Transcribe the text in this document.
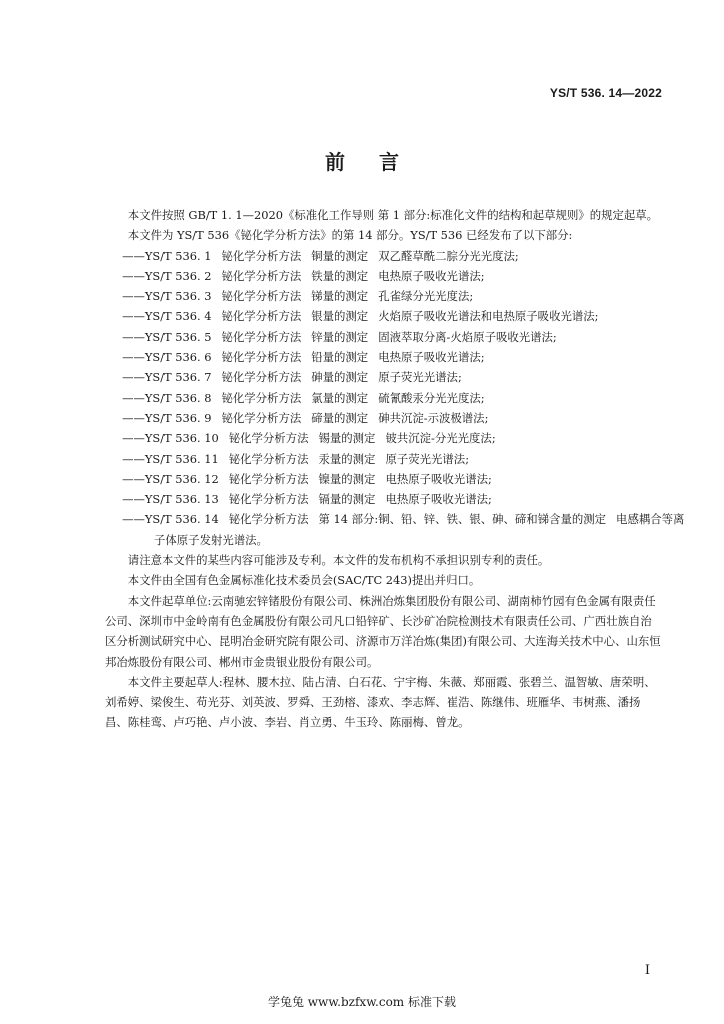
YS/T 536. 14—2022
前 言

本文件按照 GB/T 1. 1—2020《标准化工作导则 第 1 部分:标准化文件的结构和起草规则》的规定起草。

本文件为 YS/T 536《铋化学分析方法》的第 14 部分。YS/T 536 已经发布了以下部分:

——YS/T 536. 1 铋化学分析方法 铜量的测定 双乙醛草酰二腙分光光度法;

——YS/T 536. 2 铋化学分析方法 铁量的测定 电热原子吸收光谱法;

——YS/T 536. 3 铋化学分析方法 锑量的测定 孔雀绿分光光度法;

——YS/T 536. 4 铋化学分析方法 银量的测定 火焰原子吸收光谱法和电热原子吸收光谱法;

——YS/T 536. 5 铋化学分析方法 锌量的测定 固液萃取分离-火焰原子吸收光谱法;

——YS/T 536. 6 铋化学分析方法 铅量的测定 电热原子吸收光谱法;

——YS/T 536. 7 铋化学分析方法 砷量的测定 原子荧光光谱法;

——YS/T 536. 8 铋化学分析方法 氯量的测定 硫氰酸汞分光光度法;

——YS/T 536. 9 铋化学分析方法 碲量的测定 砷共沉淀-示波极谱法;

——YS/T 536. 10 铋化学分析方法 锡量的测定 铍共沉淀-分光光度法;

——YS/T 536. 11 铋化学分析方法 汞量的测定 原子荧光光谱法;

——YS/T 536. 12 铋化学分析方法 镍量的测定 电热原子吸收光谱法;

——YS/T 536. 13 铋化学分析方法 镉量的测定 电热原子吸收光谱法;

——YS/T 536. 14 铋化学分析方法 第 14 部分:铜、铅、锌、铁、银、砷、碲和锑含量的测定 电感耦合等离子体原子发射光谱法。

请注意本文件的某些内容可能涉及专利。本文件的发布机构不承担识别专利的责任。

本文件由全国有色金属标准化技术委员会(SAC/TC 243)提出并归口。

本文件起草单位:云南驰宏锌锗股份有限公司、株洲冶炼集团股份有限公司、湖南柿竹园有色金属有限责任公司、深圳市中金岭南有色金属股份有限公司凡口铅锌矿、长沙矿冶院检测技术有限责任公司、广西壮族自治区分析测试研究中心、昆明冶金研究院有限公司、济源市万洋冶炼(集团)有限公司、大连海关技术中心、山东恒邦冶炼股份有限公司、郴州市金贵银业股份有限公司。

本文件主要起草人:程林、腰木拉、陆占清、白石花、宁宇梅、朱薇、郑丽霞、张碧兰、温智敏、唐荣明、刘希婷、梁俊生、苟光芬、刘英波、罗舜、王劲榕、漆欢、李志辉、崔浩、陈继伟、班雁华、韦树燕、潘扬昌、陈桂鸾、卢巧艳、卢小波、李岩、肖立勇、牛玉玲、陈丽梅、曾龙。

I
学兔兔 www.bzfxw.com 标准下载
